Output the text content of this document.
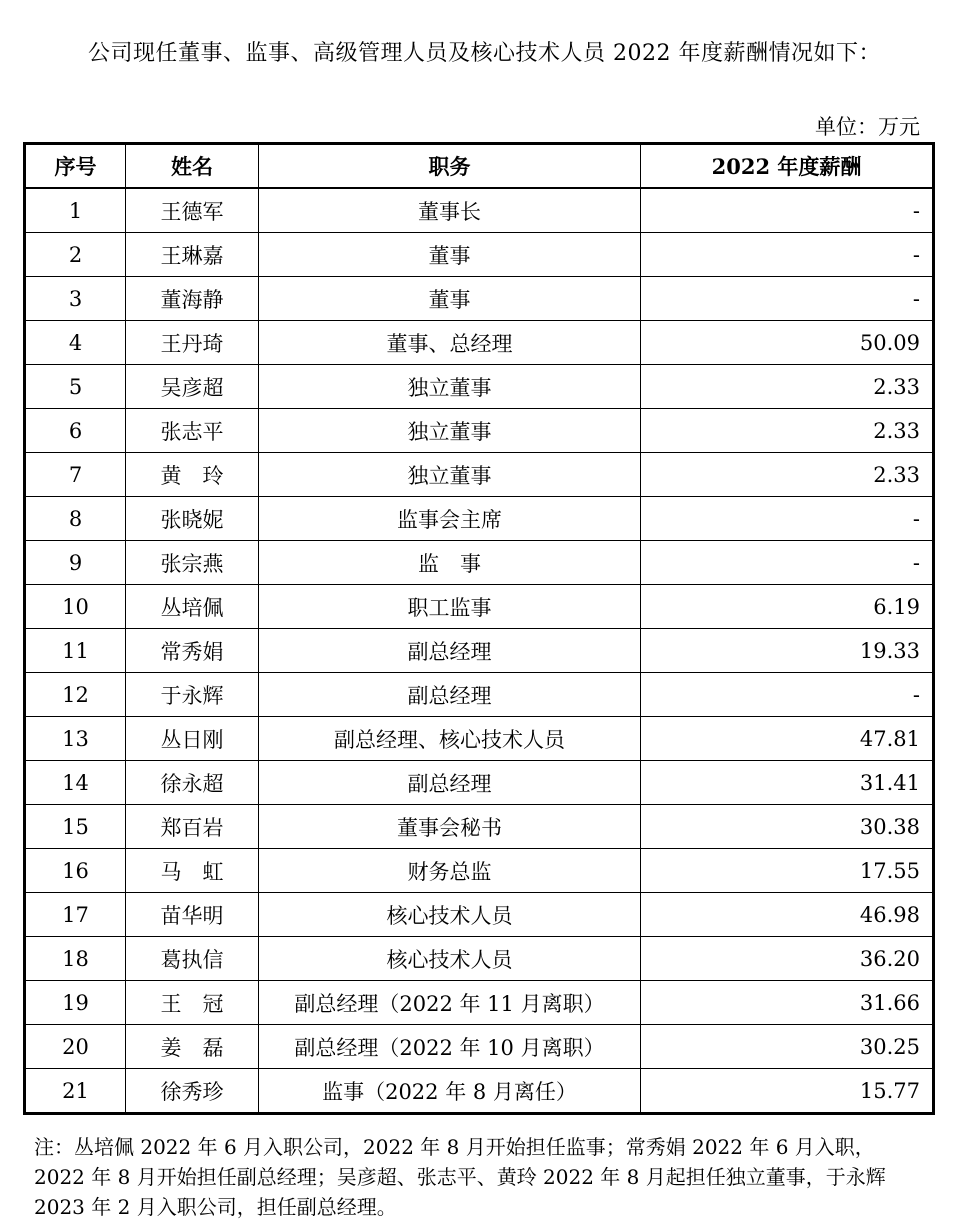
公司现任董事、监事、高级管理人员及核心技术人员 2022 年度薪酬情况如下：

单位：万元
序号	姓名	职务	2022 年度薪酬
1	王德军	董事长	-
2	王琳嘉	董事	-
3	董海静	董事	-
4	王丹琦	董事、总经理	50.09
5	吴彦超	独立董事	2.33
6	张志平	独立董事	2.33
7	黄　玲	独立董事	2.33
8	张晓妮	监事会主席	-
9	张宗燕	监　事	-
10	丛培佩	职工监事	6.19
11	常秀娟	副总经理	19.33
12	于永辉	副总经理	-
13	丛日刚	副总经理、核心技术人员	47.81
14	徐永超	副总经理	31.41
15	郑百岩	董事会秘书	30.38
16	马　虹	财务总监	17.55
17	苗华明	核心技术人员	46.98
18	葛执信	核心技术人员	36.20
19	王　冠	副总经理（2022 年 11 月离职）	31.66
20	姜　磊	副总经理（2022 年 10 月离职）	30.25
21	徐秀珍	监事（2022 年 8 月离任）	15.77

注：丛培佩 2022 年 6 月入职公司，2022 年 8 月开始担任监事；常秀娟 2022 年 6 月入职，2022 年 8 月开始担任副总经理；吴彦超、张志平、黄玲 2022 年 8 月起担任独立董事，于永辉 2023 年 2 月入职公司，担任副总经理。
